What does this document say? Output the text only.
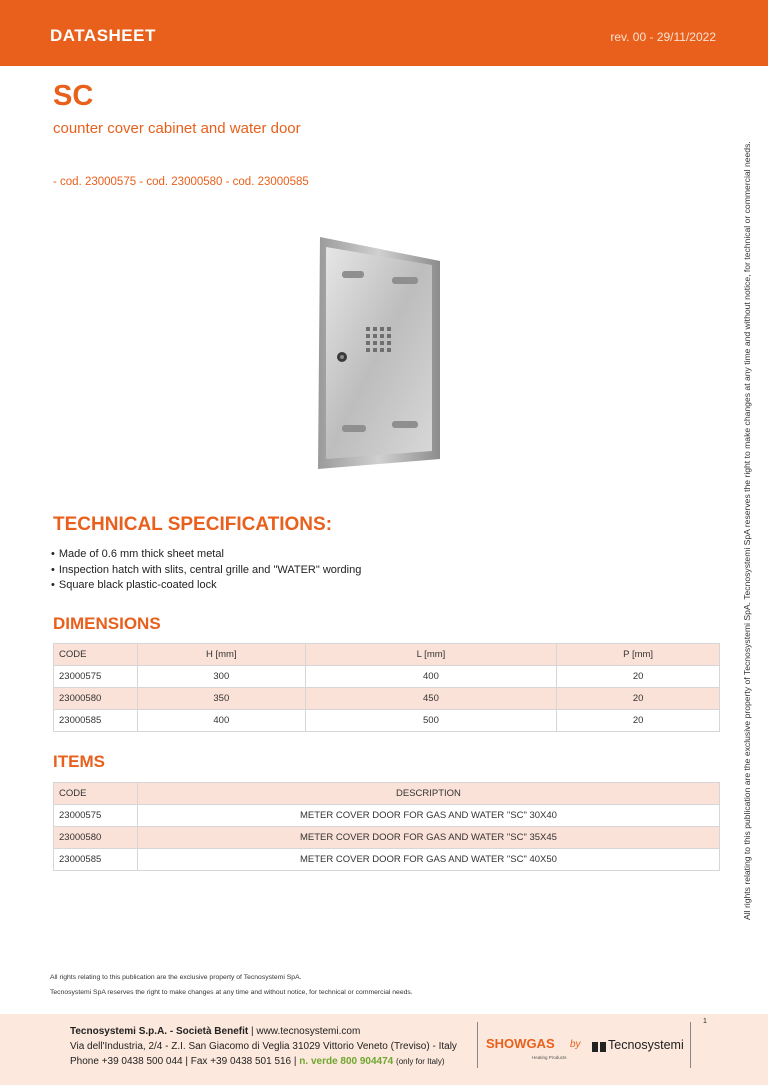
DATASHEET	rev. 00 - 29/11/2022
SC
counter cover cabinet and water door
- cod. 23000575 - cod. 23000580 - cod. 23000585	All rights relating to this publication are the exclusive property of Tecnosystemi SpA. Tecnosystemi SpA reserves the right to make changes at any time and without notice, for technical or commercial needs.
TECHNICAL SPECIFICATIONS:
• Made of 0.6 mm thick sheet metal
• Inspection hatch with slits, central grille and "WATER" wording
• Square black plastic-coated lock
DIMENSIONS
CODE	H [mm]	L [mm]	P [mm]
23000575	300	400	20
23000580	350	450	20
23000585	400	500	20
ITEMS
CODE	DESCRIPTION
23000575	METER COVER DOOR FOR GAS AND WATER "SC" 30X40
23000580	METER COVER DOOR FOR GAS AND WATER "SC" 35X45
23000585	METER COVER DOOR FOR GAS AND WATER "SC" 40X50
All rights relating to this publication are the exclusive property of Tecnosystemi SpA.
Tecnosystemi SpA reserves the right to make changes at any time and without notice, for technical or commercial needs.
1
Tecnosystemi S.p.A. - Società Benefit | www.tecnosystemi.com
Via dell'Industria, 2/4 - Z.I. San Giacomo di Veglia 31029 Vittorio Veneto (Treviso) - Italy
Phone +39 0438 500 044 | Fax +39 0438 501 516 | n. verde 800 904474 (only for Italy)
SHOWGAS
Heating Products
by Tecnosystemi
